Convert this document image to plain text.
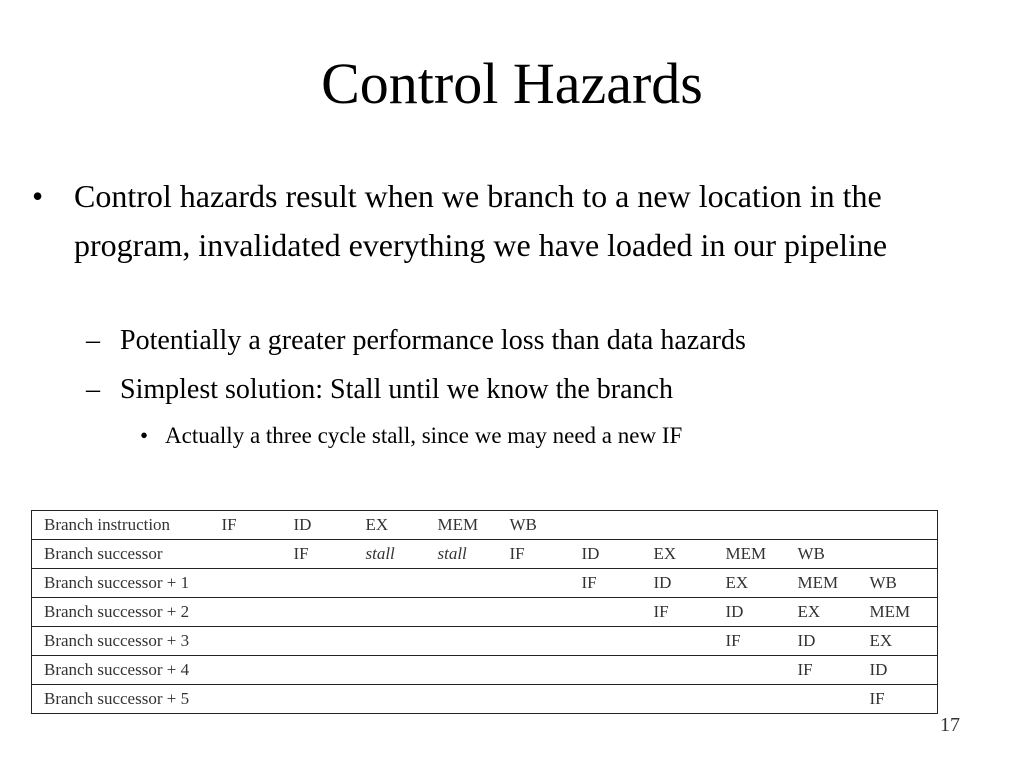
Control Hazards
• Control hazards result when we branch to a new location in the program, invalidated everything we have loaded in our pipeline
– Potentially a greater performance loss than data hazards
– Simplest solution: Stall until we know the branch
• Actually a three cycle stall, since we may need a new IF
Branch instruction	IF	ID	EX	MEM	WB					
Branch successor		IF	stall	stall	IF	ID	EX	MEM	WB	
Branch successor + 1						IF	ID	EX	MEM	WB
Branch successor + 2							IF	ID	EX	MEM
Branch successor + 3								IF	ID	EX
Branch successor + 4									IF	ID
Branch successor + 5										IF
17
